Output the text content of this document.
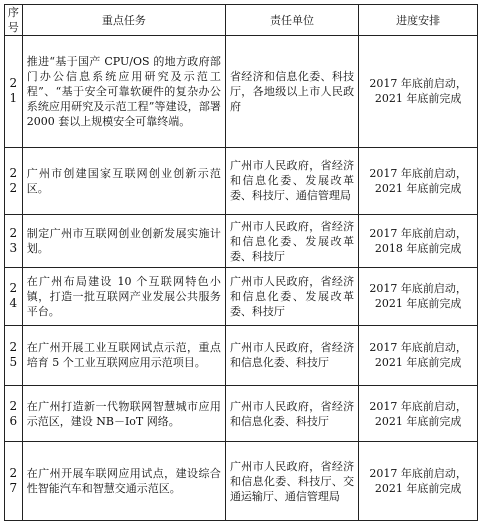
序号	重点任务	责任单位	进度安排
21	推进“基于国产 CPU/OS 的地方政府部门办公信息系统应用研究及示范工程”、“基于安全可靠软硬件的复杂办公系统应用研究及示范工程”等建设，部署2000 套以上规模安全可靠终端。	省经济和信息化委、科技厅，各地级以上市人民政府	2017 年底前启动，
2021 年底前完成
22	广州市创建国家互联网创业创新示范区。	广州市人民政府，省经济和信息化委、发展改革委、科技厅、通信管理局	2017 年底前启动，
2021 年底前完成
23	制定广州市互联网创业创新发展实施计划。	广州市人民政府，省经济和信息化委、发展改革委、科技厅	2017 年底前启动，
2018 年底前完成
24	在广州布局建设 10 个互联网特色小镇，打造一批互联网产业发展公共服务平台。	广州市人民政府，省经济和信息化委、发展改革委、科技厅	2017 年底前启动，
2021 年底前完成
25	在广州开展工业互联网试点示范，重点培育 5 个工业互联网应用示范项目。	广州市人民政府，省经济和信息化委、科技厅	2017 年底前启动，
2021 年底前完成
26	在广州打造新一代物联网智慧城市应用示范区，建设 NB－IoT 网络。	广州市人民政府，省经济和信息化委、科技厅	2017 年底前启动，
2021 年底前完成
27	在广州开展车联网应用试点，建设综合性智能汽车和智慧交通示范区。	广州市人民政府，省经济和信息化委、科技厅、交通运输厅、通信管理局	2017 年底前启动，
2021 年底前完成
